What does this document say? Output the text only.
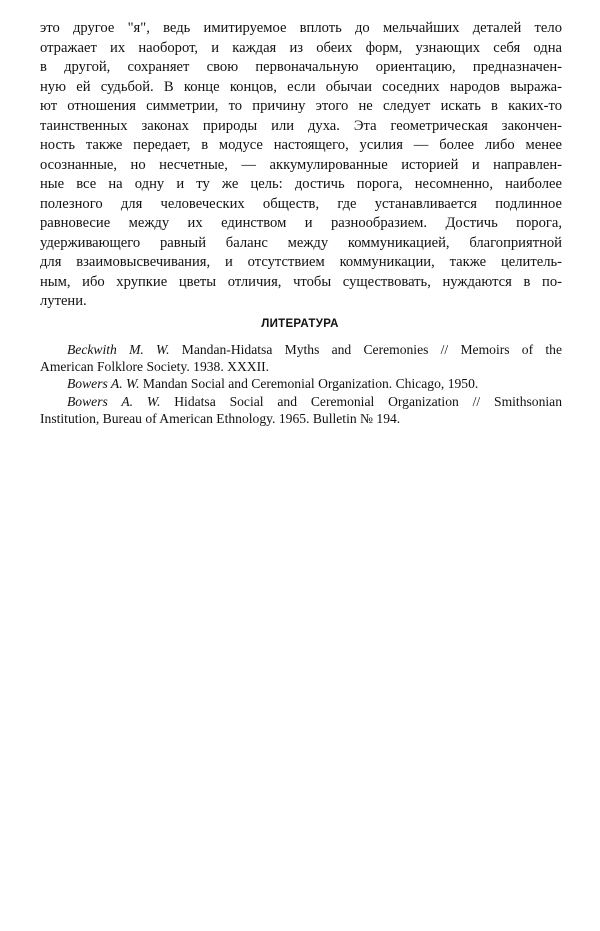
это другое "я", ведь имитируемое вплоть до мельчайших деталей тело
отражает их наоборот, и каждая из обеих форм, узнающих себя одна
в другой, сохраняет свою первоначальную ориентацию, предназначен-
ную ей судьбой. В конце концов, если обычаи соседних народов выража-
ют отношения симметрии, то причину этого не следует искать в каких-то
таинственных законах природы или духа. Эта геометрическая закончен-
ность также передает, в модусе настоящего, усилия — более либо менее
осознанные, но несчетные, — аккумулированные историей и направлен-
ные все на одну и ту же цель: достичь порога, несомненно, наиболее
полезного для человеческих обществ, где устанавливается подлинное
равновесие между их единством и разнообразием. Достичь порога,
удерживающего равный баланс между коммуникацией, благоприятной
для взаимовысвечивания, и отсутствием коммуникации, также целитель-
ным, ибо хрупкие цветы отличия, чтобы существовать, нуждаются в по-
лутени.
ЛИТЕРАТУРА
Beckwith M. W. Mandan-Hidatsa Myths and Ceremonies // Memoirs of the
American Folklore Society. 1938. XXXII.
Bowers A. W. Mandan Social and Ceremonial Organization. Chicago, 1950.
Bowers A. W. Hidatsa Social and Ceremonial Organization // Smithsonian
Institution, Bureau of American Ethnology. 1965. Bulletin № 194.
